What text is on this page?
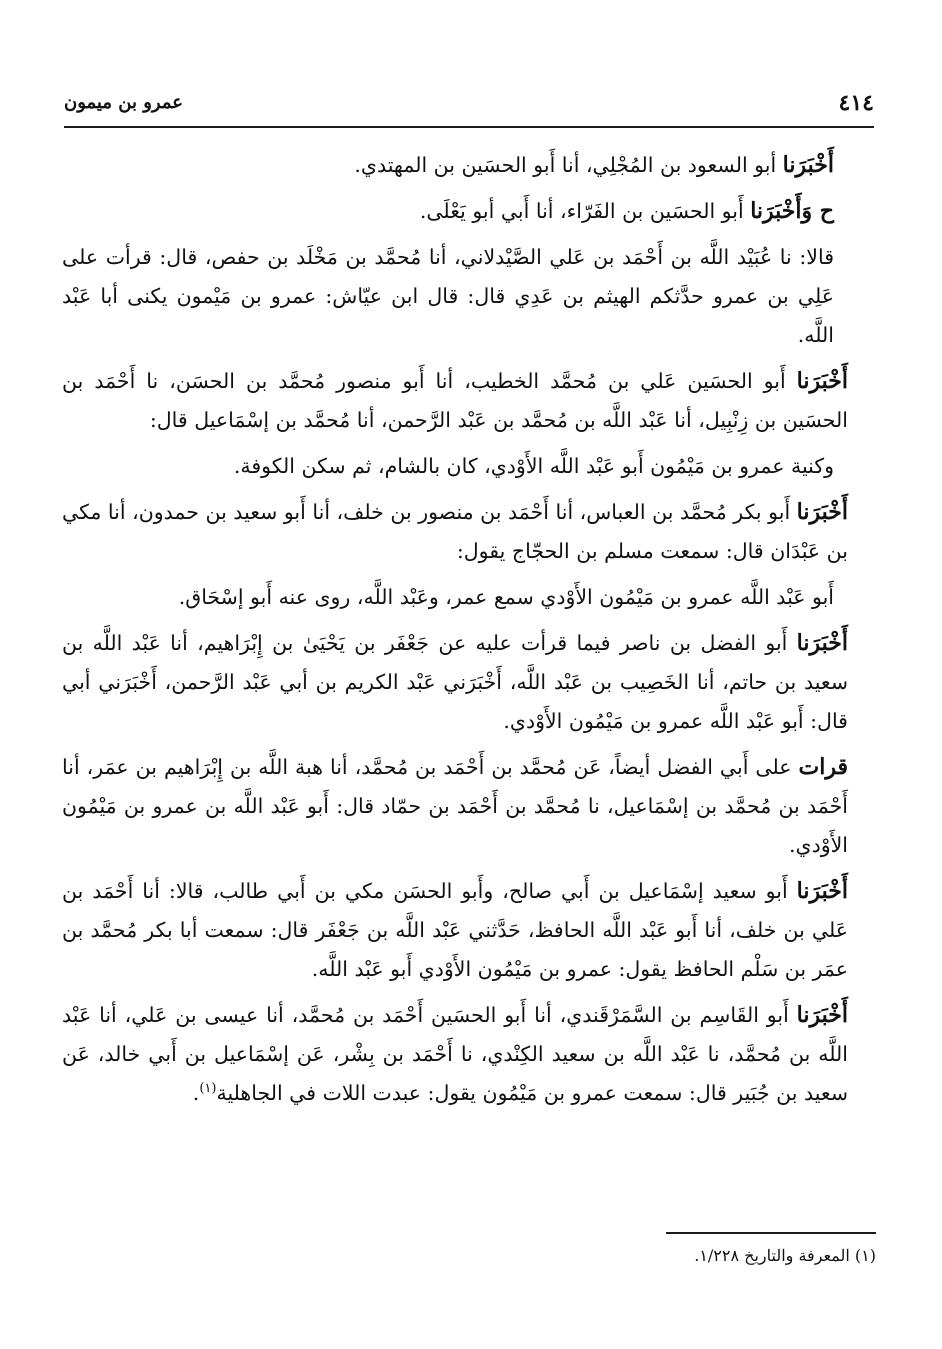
٤١٤
عمرو بن ميمون

أَخْبَرَنا أبو السعود بن المُجْلِي، أنا أَبو الحسَين بن المهتدي.

ح وَأَخْبَرَنا أَبو الحسَين بن الفَرّاء، أنا أَبي أبو يَعْلَى.

قالا: نا عُبَيْد اللَّه بن أَحْمَد بن عَلي الصَّيْدلاني، أنا مُحمَّد بن مَخْلَد بن حفص، قال: قرأت على عَلِي بن عمرو حدَّثكم الهيثم بن عَدِي قال: قال ابن عيّاش: عمرو بن مَيْمون يكنى أبا عَبْد اللَّه.

أَخْبَرَنا أَبو الحسَين عَلي بن مُحمَّد الخطيب، أنا أَبو منصور مُحمَّد بن الحسَن، نا أَحْمَد بن الحسَين بن زِنْبِيل، أنا عَبْد اللَّه بن مُحمَّد بن عَبْد الرَّحمن، أنا مُحمَّد بن إسْمَاعيل قال:

وكنية عمرو بن مَيْمُون أَبو عَبْد اللَّه الأَوْدي، كان بالشام، ثم سكن الكوفة.

أَخْبَرَنا أَبو بكر مُحمَّد بن العباس، أنا أَحْمَد بن منصور بن خلف، أنا أَبو سعيد بن حمدون، أنا مكي بن عَبْدَان قال: سمعت مسلم بن الحجّاج يقول:

أَبو عَبْد اللَّه عمرو بن مَيْمُون الأَوْدي سمع عمر، وعَبْد اللَّه، روى عنه أَبو إسْحَاق.

أَخْبَرَنا أَبو الفضل بن ناصر فيما قرأت عليه عن جَعْفَر بن يَحْيَىٰ بن إِبْرَاهيم، أنا عَبْد اللَّه بن سعيد بن حاتم، أنا الخَصِيب بن عَبْد اللَّه، أَخْبَرَني عَبْد الكريم بن أبي عَبْد الرَّحمن، أَخْبَرَني أبي قال: أَبو عَبْد اللَّه عمرو بن مَيْمُون الأَوْدي.

قرات على أَبي الفضل أيضاً، عَن مُحمَّد بن أَحْمَد بن مُحمَّد، أنا هبة اللَّه بن إِبْرَاهيم بن عمَر، أنا أَحْمَد بن مُحمَّد بن إسْمَاعيل، نا مُحمَّد بن أَحْمَد بن حمّاد قال: أَبو عَبْد اللَّه بن عمرو بن مَيْمُون الأَوْدي.

أَخْبَرَنا أَبو سعيد إسْمَاعيل بن أَبي صالح، وأَبو الحسَن مكي بن أَبي طالب، قالا: أنا أَحْمَد بن عَلي بن خلف، أنا أَبو عَبْد اللَّه الحافظ، حَدَّثني عَبْد اللَّه بن جَعْفَر قال: سمعت أبا بكر مُحمَّد بن عمَر بن سَلْم الحافظ يقول: عمرو بن مَيْمُون الأَوْدي أَبو عَبْد اللَّه.

أَخْبَرَنا أَبو القَاسِم بن السَّمَرْقَندي، أنا أَبو الحسَين أَحْمَد بن مُحمَّد، أنا عيسى بن عَلي، أنا عَبْد اللَّه بن مُحمَّد، نا عَبْد اللَّه بن سعيد الكِنْدي، نا أَحْمَد بن بِشْر، عَن إسْمَاعيل بن أَبي خالد، عَن سعيد بن جُبَير قال: سمعت عمرو بن مَيْمُون يقول: عبدت اللات في الجاهلية$^{(١)}$.

(١) المعرفة والتاريخ ١/٢٢٨.
